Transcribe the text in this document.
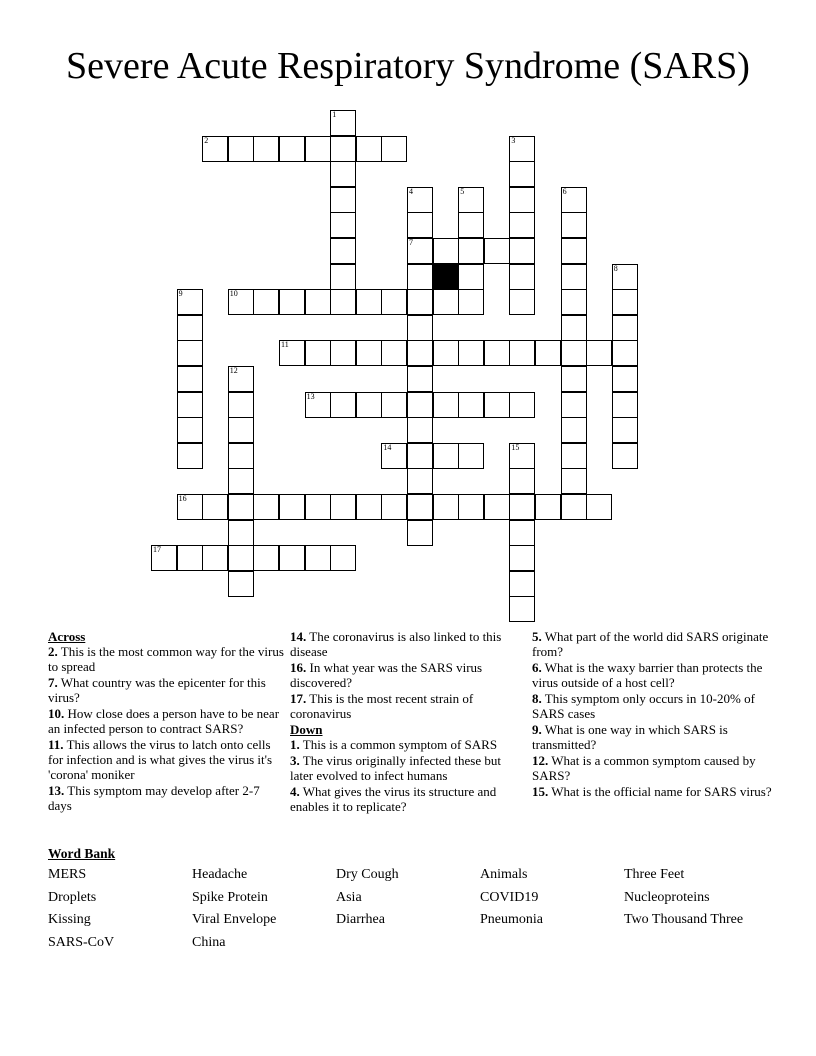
Severe Acute Respiratory Syndrome (SARS)
2
7
10
11
13
14
16
17
1
3
4	5	6
8
9
12
15
Across
2. This is the most common way for the virus to spread
7. What country was the epicenter for this virus?
10. How close does a person have to be near an infected person to contract SARS?
11. This allows the virus to latch onto cells for infection and is what gives the virus it's 'corona' moniker
13. This symptom may develop after 2-7 days
14. The coronavirus is also linked to this disease
16. In what year was the SARS virus discovered?
17. This is the most recent strain of coronavirus
Down
1. This is a common symptom of SARS
3. The virus originally infected these but later evolved to infect humans
4. What gives the virus its structure and enables it to replicate?
5. What part of the world did SARS originate from?
6. What is the waxy barrier than protects the virus outside of a host cell?
8. This symptom only occurs in 10-20% of SARS cases
9. What is one way in which SARS is transmitted?
12. What is a common symptom caused by SARS?
15. What is the official name for SARS virus?
Word Bank
MERS	Headache	Dry Cough	Animals	Three Feet
Droplets	Spike Protein	Asia	COVID19	Nucleoproteins
Kissing	Viral Envelope	Diarrhea	Pneumonia	Two Thousand Three
SARS-CoV	China
